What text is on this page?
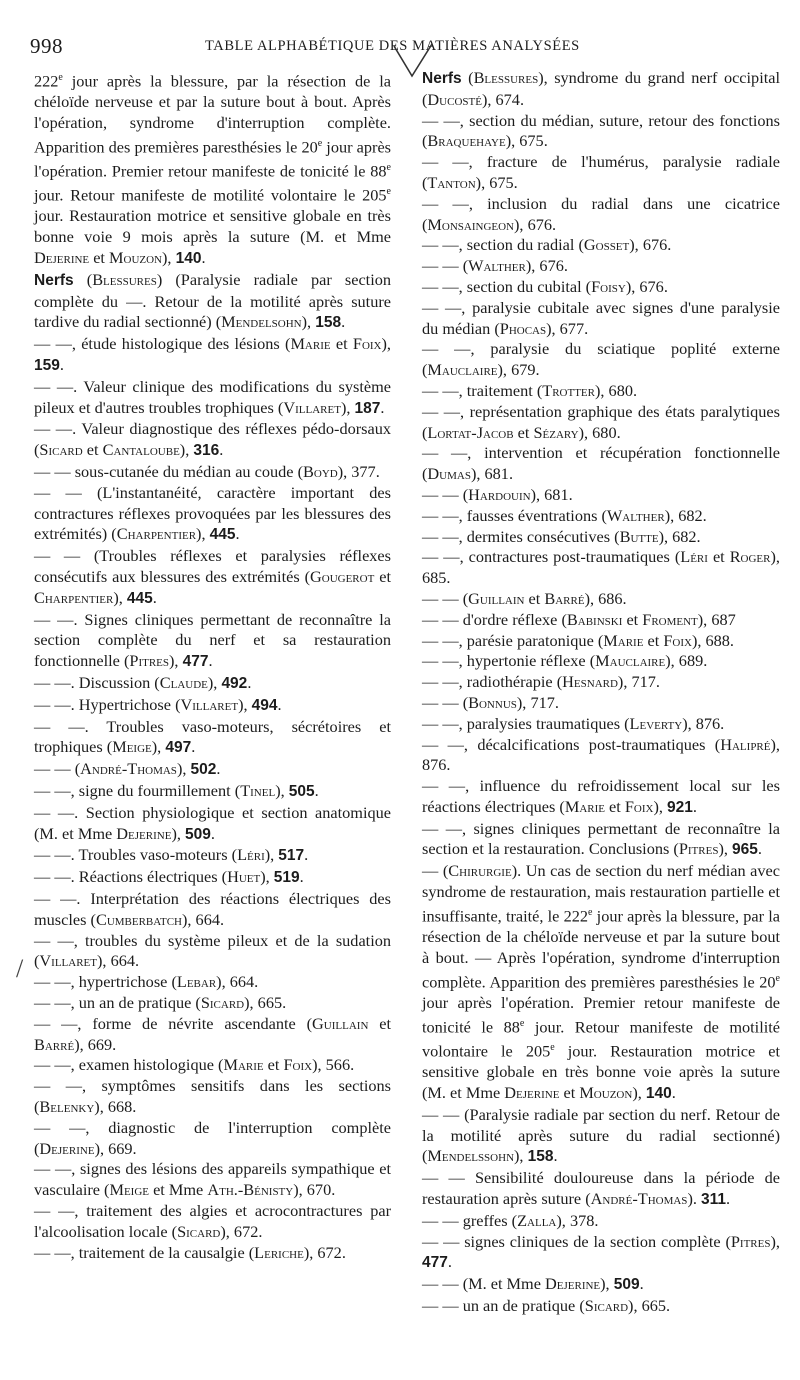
998	TABLE ALPHABÉTIQUE DES MATIÈRES ANALYSÉES

222e jour après la blessure, par la résection de la chéloïde nerveuse et par la suture bout à bout. Après l'opération, syndrome d'interruption complète. Apparition des premières paresthésies le 20e jour après l'opération. Premier retour manifeste de tonicité le 88e jour. Retour manifeste de motilité volontaire le 205e jour. Restauration motrice et sensitive globale en très bonne voie 9 mois après la suture (M. et Mme Dejerine et Mouzon), 140.

Nerfs (Blessures) (Paralysie radiale par section complète du —. Retour de la motilité après suture tardive du radial sectionné) (Mendelsohn), 158.

— —, étude histologique des lésions (Marie et Foix), 159.

— —. Valeur clinique des modifications du système pileux et d'autres troubles trophiques (Villaret), 187.

— —. Valeur diagnostique des réflexes pédo-dorsaux (Sicard et Cantaloube), 316.

— — sous-cutanée du médian au coude (Boyd), 377.

— — (L'instantanéité, caractère important des contractures réflexes provoquées par les blessures des extrémités) (Charpentier), 445.

— — (Troubles réflexes et paralysies réflexes consécutifs aux blessures des extrémités (Gougerot et Charpentier), 445.

— —. Signes cliniques permettant de reconnaître la section complète du nerf et sa restauration fonctionnelle (Pitres), 477.

— —. Discussion (Claude), 492.

— —. Hypertrichose (Villaret), 494.

— —. Troubles vaso-moteurs, sécrétoires et trophiques (Meige), 497.

— — (André-Thomas), 502.

— —, signe du fourmillement (Tinel), 505.

— —. Section physiologique et section anatomique (M. et Mme Dejerine), 509.

— —. Troubles vaso-moteurs (Léri), 517.

— —. Réactions électriques (Huet), 519.

— —. Interprétation des réactions électriques des muscles (Cumberbatch), 664.

— —, troubles du système pileux et de la sudation (Villaret), 664.

— —, hypertrichose (Lebar), 664.

— —, un an de pratique (Sicard), 665.

— —, forme de névrite ascendante (Guillain et Barré), 669.

— —, examen histologique (Marie et Foix), 566.

— —, symptômes sensitifs dans les sections (Belenky), 668.

— —, diagnostic de l'interruption complète (Dejerine), 669.

— —, signes des lésions des appareils sympathique et vasculaire (Meige et Mme Ath.-Bénisty), 670.

— —, traitement des algies et acrocontractures par l'alcoolisation locale (Sicard), 672.

— —, traitement de la causalgie (Leriche), 672.

Nerfs (Blessures), syndrome du grand nerf occipital (Ducosté), 674.

— —, section du médian, suture, retour des fonctions (Braquehaye), 675.

— —, fracture de l'humérus, paralysie radiale (Tanton), 675.

— —, inclusion du radial dans une cicatrice (Monsaingeon), 676.

— —, section du radial (Gosset), 676.

— — (Walther), 676.

— —, section du cubital (Foisy), 676.

— —, paralysie cubitale avec signes d'une paralysie du médian (Phocas), 677.

— —, paralysie du sciatique poplité externe (Mauclaire), 679.

— —, traitement (Trotter), 680.

— —, représentation graphique des états paralytiques (Lortat-Jacob et Sézary), 680.

— —, intervention et récupération fonctionnelle (Dumas), 681.

— — (Hardouin), 681.

— —, fausses éventrations (Walther), 682.

— —, dermites consécutives (Butte), 682.

— —, contractures post-traumatiques (Léri et Roger), 685.

— — (Guillain et Barré), 686.

— — d'ordre réflexe (Babinski et Froment), 687

— —, parésie paratonique (Marie et Foix), 688.

— —, hypertonie réflexe (Mauclaire), 689.

— —, radiothérapie (Hesnard), 717.

— — (Bonnus), 717.

— —, paralysies traumatiques (Leverty), 876.

— —, décalcifications post-traumatiques (Halipré), 876.

— —, influence du refroidissement local sur les réactions électriques (Marie et Foix), 921.

— —, signes cliniques permettant de reconnaître la section et la restauration. Conclusions (Pitres), 965.

— (Chirurgie). Un cas de section du nerf médian avec syndrome de restauration, mais restauration partielle et insuffisante, traité, le 222e jour après la blessure, par la résection de la chéloïde nerveuse et par la suture bout à bout. — Après l'opération, syndrome d'interruption complète. Apparition des premières paresthésies le 20e jour après l'opération. Premier retour manifeste de tonicité le 88e jour. Retour manifeste de motilité volontaire le 205e jour. Restauration motrice et sensitive globale en très bonne voie après la suture (M. et Mme Dejerine et Mouzon), 140.

— — (Paralysie radiale par section du nerf. Retour de la motilité après suture du radial sectionné) (Mendelssohn), 158.

— — Sensibilité douloureuse dans la période de restauration après suture (André-Thomas). 311.

— — greffes (Zalla), 378.

— — signes cliniques de la section complète (Pitres), 477.

— — (M. et Mme Dejerine), 509.

— — un an de pratique (Sicard), 665.

/
